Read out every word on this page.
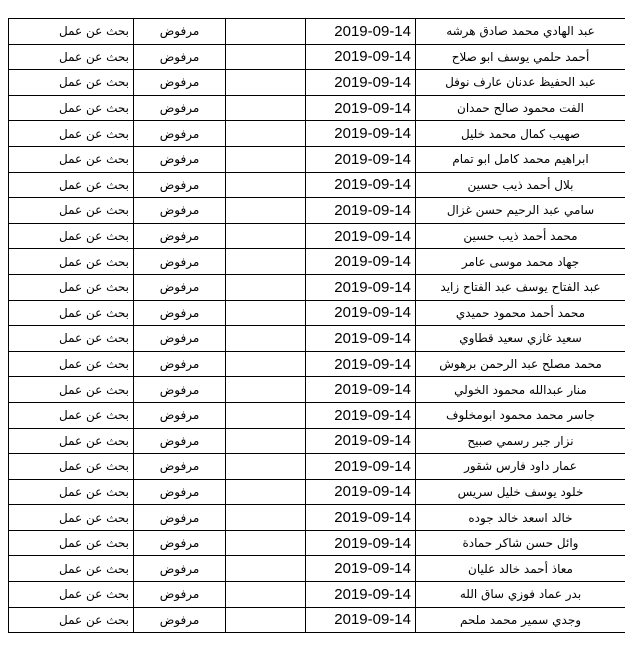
عبد الهادي محمد صادق هرشه	2019-09-14		مرفوض	بحث عن عمل
أحمد حلمي يوسف ابو صلاح	2019-09-14		مرفوض	بحث عن عمل
عبد الحفيظ عدنان عارف نوفل	2019-09-14		مرفوض	بحث عن عمل
الفت محمود صالح حمدان	2019-09-14		مرفوض	بحث عن عمل
صهيب كمال محمد خليل	2019-09-14		مرفوض	بحث عن عمل
ابراهيم محمد كامل ابو تمام	2019-09-14		مرفوض	بحث عن عمل
بلال أحمد ذيب حسين	2019-09-14		مرفوض	بحث عن عمل
سامي عبد الرحيم حسن غزال	2019-09-14		مرفوض	بحث عن عمل
محمد أحمد ذيب حسين	2019-09-14		مرفوض	بحث عن عمل
جهاد محمد موسى عامر	2019-09-14		مرفوض	بحث عن عمل
عبد الفتاح يوسف عبد الفتاح زايد	2019-09-14		مرفوض	بحث عن عمل
محمد أحمد محمود حميدي	2019-09-14		مرفوض	بحث عن عمل
سعيد غازي سعيد قطاوي	2019-09-14		مرفوض	بحث عن عمل
محمد مصلح عبد الرحمن برهوش	2019-09-14		مرفوض	بحث عن عمل
منار عبدالله محمود الخولي	2019-09-14		مرفوض	بحث عن عمل
جاسر محمد محمود ابومخلوف	2019-09-14		مرفوض	بحث عن عمل
نزار جبر رسمي صبيح	2019-09-14		مرفوض	بحث عن عمل
عمار داود فارس شقور	2019-09-14		مرفوض	بحث عن عمل
خلود يوسف خليل سريس	2019-09-14		مرفوض	بحث عن عمل
خالد اسعد خالد جوده	2019-09-14		مرفوض	بحث عن عمل
وائل حسن شاكر حمادة	2019-09-14		مرفوض	بحث عن عمل
معاذ أحمد خالد عليان	2019-09-14		مرفوض	بحث عن عمل
بدر عماد فوزي ساق الله	2019-09-14		مرفوض	بحث عن عمل
وجدي سمير محمد ملحم	2019-09-14		مرفوض	بحث عن عمل
